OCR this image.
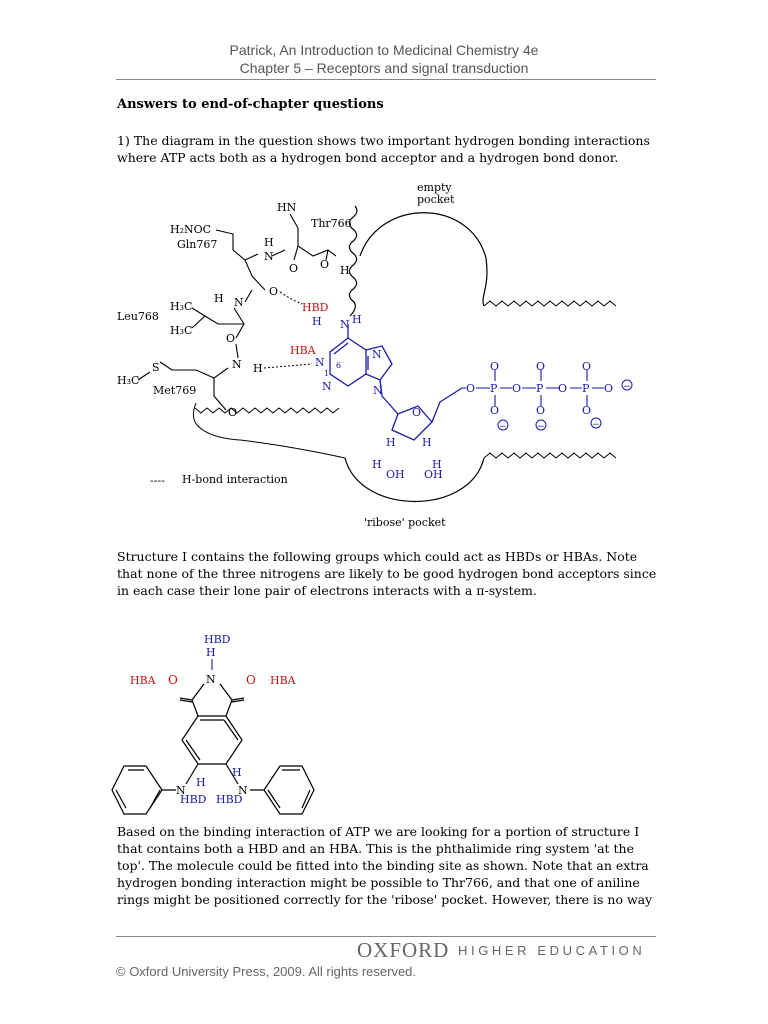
Patrick, An Introduction to Medicinal Chemistry 4e
Chapter 5 – Receptors and signal transduction
Answers to end-of-chapter questions

1) The diagram in the question shows two important hydrogen bonding interactions where ATP acts both as a hydrogen bond acceptor and a hydrogen bond donor.

empty
pocket
HN
Thr766
O O H
H₂NOC
Gln767	H
N
O
HBD
H N
O
Leu768
H₃C
H₃C
N H
O
S
H₃C
Met769
HBA
N
1
6
N
N
H	H
N	N
O
H H
H	H
OH OH
O P	P	P
O	O	O
O	O	O
O	O	O
−	−	−
−
---- H-bond interaction
'ribose' pocket

Structure I contains the following groups which could act as HBDs or HBAs. Note that none of the three nitrogens are likely to be good hydrogen bond acceptors since in each case their lone pair of electrons interacts with a π-system.

HBD
H
N
O	O
HBA	HBA
N	N
H
H
HBD HBD

Based on the binding interaction of ATP we are looking for a portion of structure I that contains both a HBD and an HBA. This is the phthalimide ring system 'at the top'. The molecule could be fitted into the binding site as shown. Note that an extra hydrogen bonding interaction might be possible to Thr766, and that one of aniline rings might be positioned correctly for the 'ribose' pocket. However, there is no way

OXFORD HIGHER EDUCATION
© Oxford University Press, 2009. All rights reserved.
